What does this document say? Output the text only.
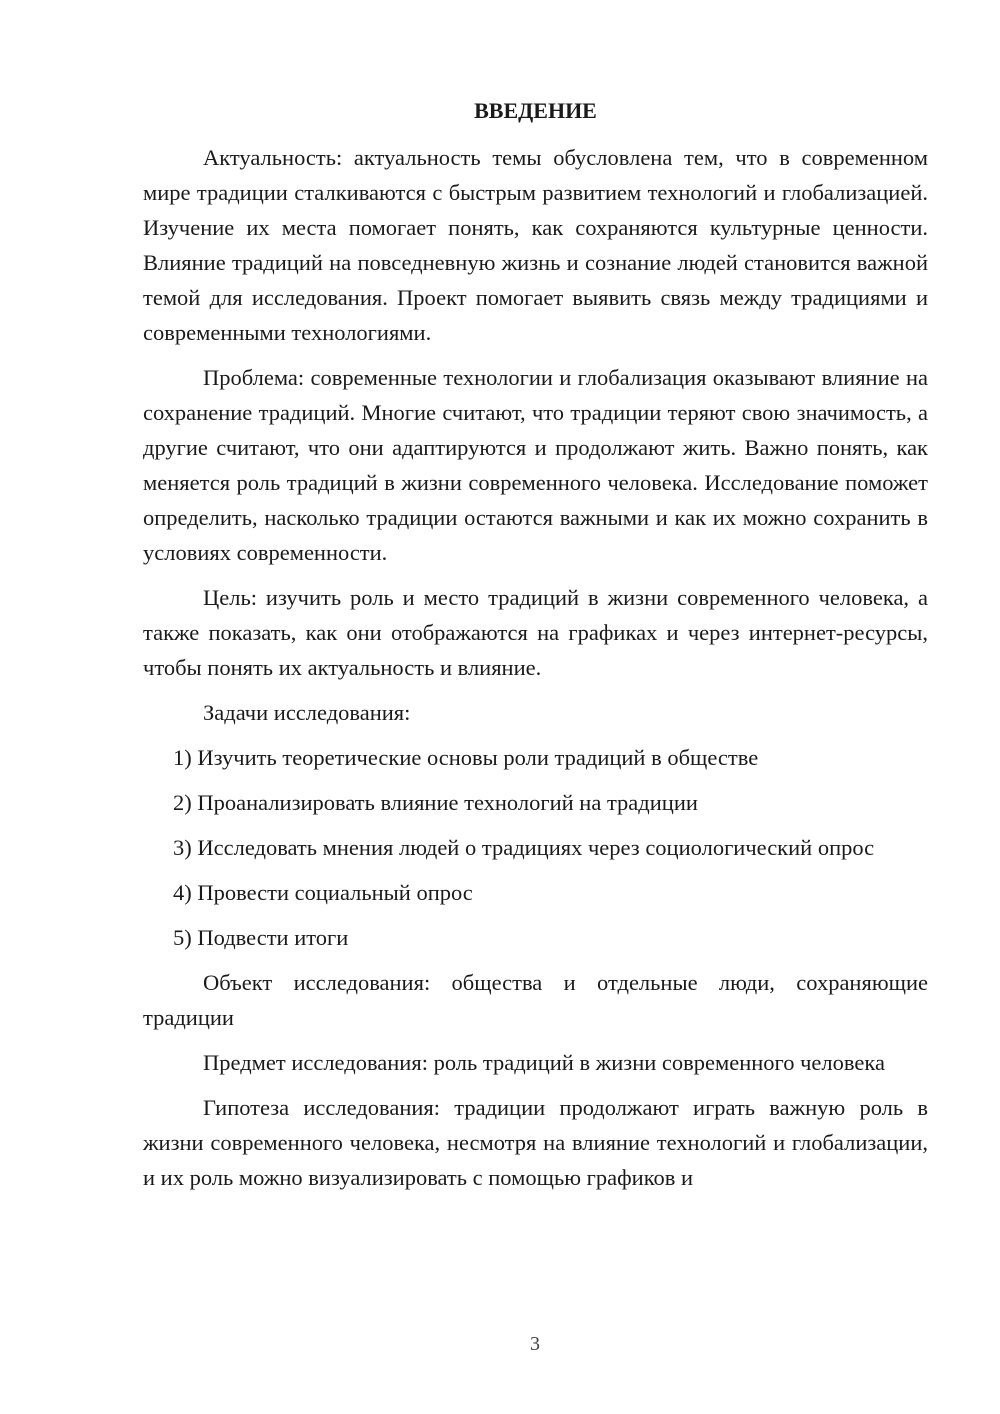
ВВЕДЕНИЕ

Актуальность: актуальность темы обусловлена тем, что в современном мире традиции сталкиваются с быстрым развитием технологий и глобализацией. Изучение их места помогает понять, как сохраняются культурные ценности. Влияние традиций на повседневную жизнь и сознание людей становится важной темой для исследования. Проект помогает выявить связь между традициями и современными технологиями.

Проблема: современные технологии и глобализация оказывают влияние на сохранение традиций. Многие считают, что традиции теряют свою значимость, а другие считают, что они адаптируются и продолжают жить. Важно понять, как меняется роль традиций в жизни современного человека. Исследование поможет определить, насколько традиции остаются важными и как их можно сохранить в условиях современности.

Цель: изучить роль и место традиций в жизни современного человека, а также показать, как они отображаются на графиках и через интернет-ресурсы, чтобы понять их актуальность и влияние.

Задачи исследования:

1) Изучить теоретические основы роли традиций в обществе

2) Проанализировать влияние технологий на традиции

3) Исследовать мнения людей о традициях через социологический опрос

4) Провести социальный опрос

5) Подвести итоги

Объект исследования: общества и отдельные люди, сохраняющие традиции

Предмет исследования: роль традиций в жизни современного человека

Гипотеза исследования: традиции продолжают играть важную роль в жизни современного человека, несмотря на влияние технологий и глобализации, и их роль можно визуализировать с помощью графиков и

3
